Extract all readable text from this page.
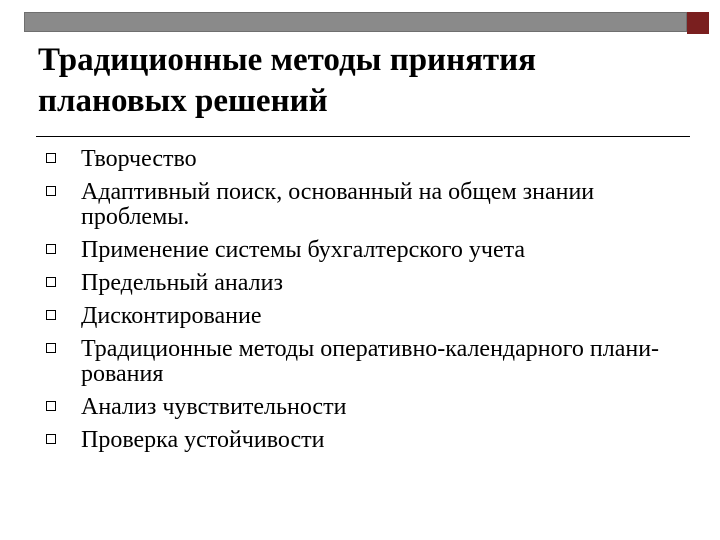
Традиционные методы принятия плановых решений
Творчество
Адаптивный поиск, основанный на общем знании проблемы.
Применение системы бухгалтерского учета
Предельный анализ
Дисконтирование
Традиционные методы оперативно-календарного плани-рования
Анализ чувствительности
Проверка устойчивости
